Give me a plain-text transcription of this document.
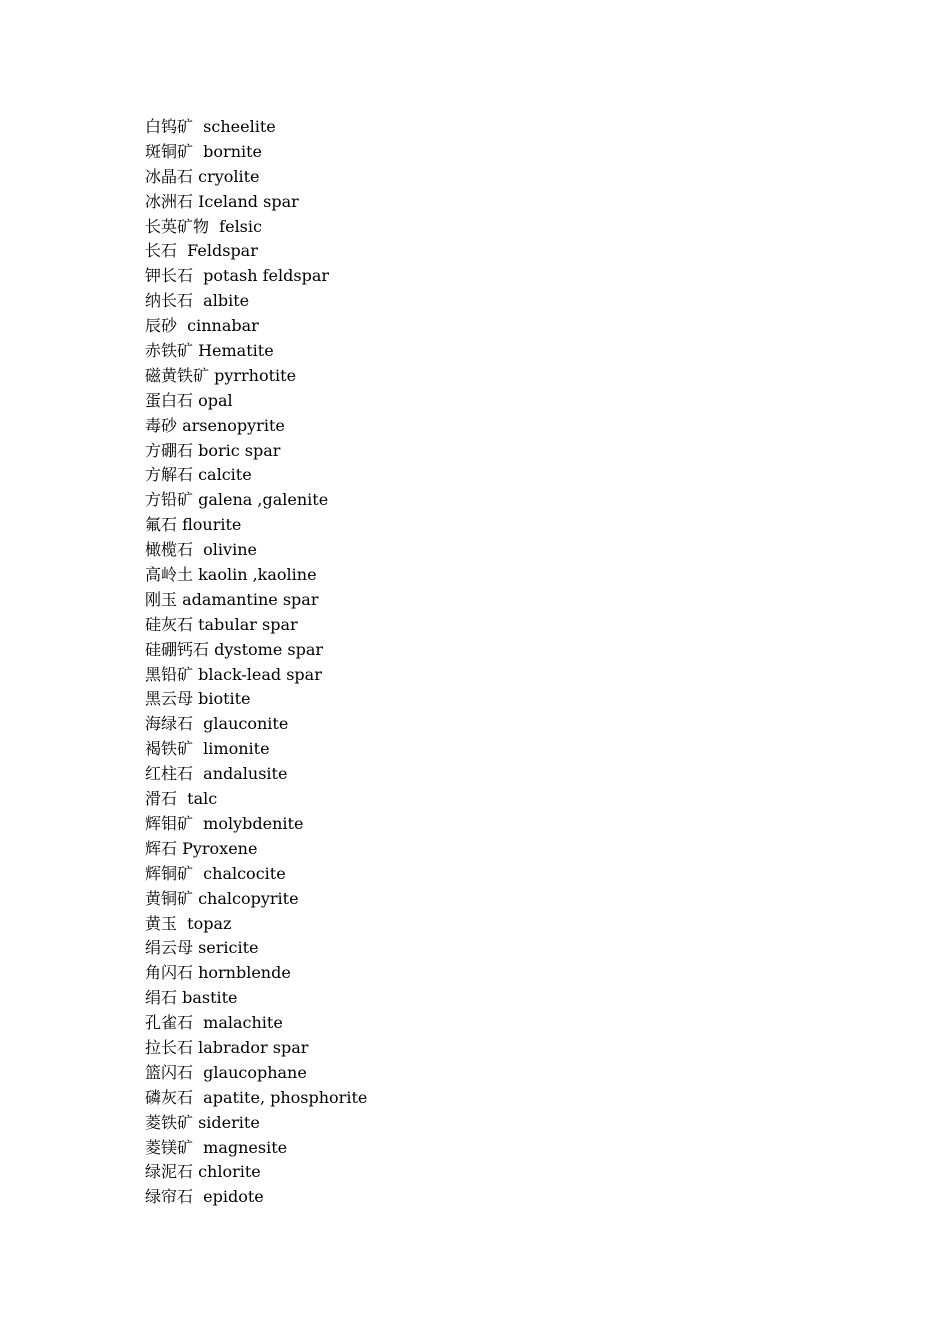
白钨矿  scheelite
斑铜矿  bornite
冰晶石 cryolite
冰洲石 Iceland spar
长英矿物  felsic
长石  Feldspar
钾长石  potash feldspar
纳长石  albite
辰砂  cinnabar
赤铁矿 Hematite
磁黄铁矿 pyrrhotite
蛋白石 opal
毒砂 arsenopyrite
方硼石 boric spar
方解石 calcite
方铅矿 galena ,galenite
氟石 flourite
橄榄石  olivine
高岭土 kaolin ,kaoline
刚玉 adamantine spar
硅灰石 tabular spar
硅硼钙石 dystome spar
黑铅矿 black-lead spar
黑云母 biotite
海绿石  glauconite
褐铁矿  limonite
红柱石  andalusite
滑石  talc
辉钼矿  molybdenite
辉石 Pyroxene
辉铜矿  chalcocite
黄铜矿 chalcopyrite
黄玉  topaz
绢云母 sericite
角闪石 hornblende
绢石 bastite
孔雀石  malachite
拉长石 labrador spar
篮闪石  glaucophane
磷灰石  apatite, phosphorite
菱铁矿 siderite
菱镁矿  magnesite
绿泥石 chlorite
绿帘石  epidote
